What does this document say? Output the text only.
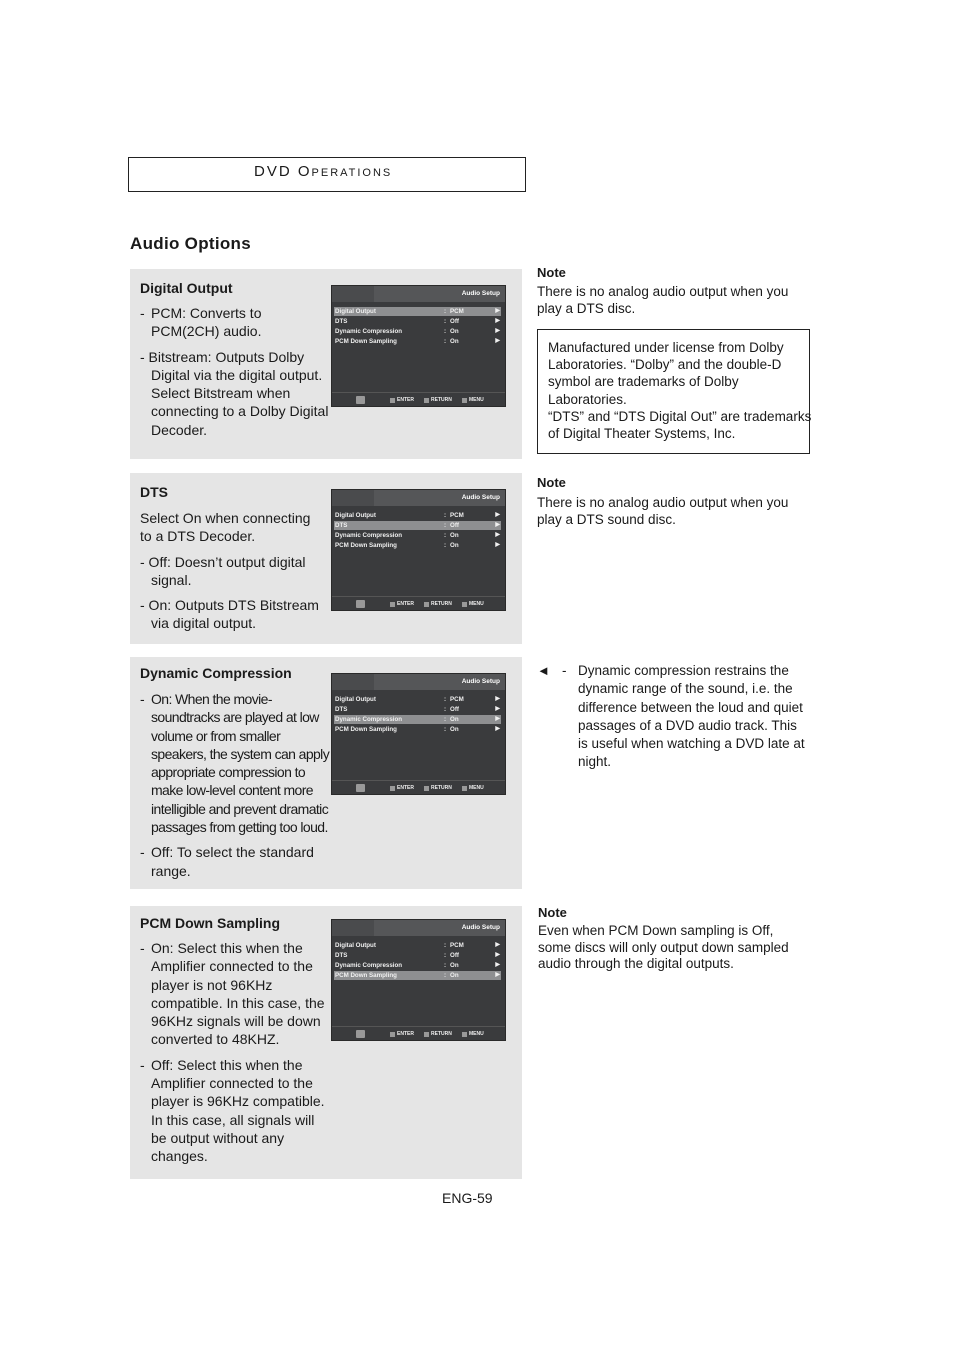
DVD OPERATIONS
Audio Options
Digital Output

- PCM: Converts to PCM(2CH) audio.

- Bitstream: Outputs Dolby Digital via the digital output. Select Bitstream when connecting to a Dolby Digital Decoder.

Audio Setup
Digital Output	: PCM	▶
DTS	: Off	▶
Dynamic Compression	: On	▶
PCM Down Sampling	: On	▶
ENTER	RETURN	MENU
DTS

Select On when connecting to a DTS Decoder.

- Off: Doesn’t output digital signal.

- On: Outputs DTS Bitstream via digital output.

Audio Setup
Digital Output	: PCM	▶
DTS	: Off	▶
Dynamic Compression	: On	▶
PCM Down Sampling	: On	▶
ENTER	RETURN	MENU
Dynamic Compression

- On: When the movie-soundtracks are played at low volume or from smaller speakers, the system can apply appropriate compression to make low-level content more intelligible and prevent dramatic passages from getting too loud.

- Off: To select the standard range.

Audio Setup
Digital Output	: PCM	▶
DTS	: Off	▶
Dynamic Compression	: On	▶
PCM Down Sampling	: On	▶
ENTER	RETURN	MENU
PCM Down Sampling

- On: Select this when the Amplifier connected to the player is not 96KHz compatible. In this case, the 96KHz signals will be down converted to 48KHZ.

- Off: Select this when the Amplifier connected to the player is 96KHz compatible. In this case, all signals will be output without any changes.

Audio Setup
Digital Output	: PCM	▶
DTS	: Off	▶
Dynamic Compression	: On	▶
PCM Down Sampling	: On	▶
ENTER	RETURN	MENU
Note
There is no analog audio output when you play a DTS disc.
Manufactured under license from Dolby
Laboratories. “Dolby” and the double-D
symbol are trademarks of Dolby
Laboratories.
“DTS” and “DTS Digital Out” are trademarks
of Digital Theater Systems, Inc.
Note
There is no analog audio output when you play a DTS sound disc.
◄ - Dynamic compression restrains the dynamic range of the sound, i.e. the difference between the loud and quiet passages of a DVD audio track. This is useful when watching a DVD late at night.
Note
Even when PCM Down sampling is Off, some discs will only output down sampled audio through the digital outputs.
ENG-59
